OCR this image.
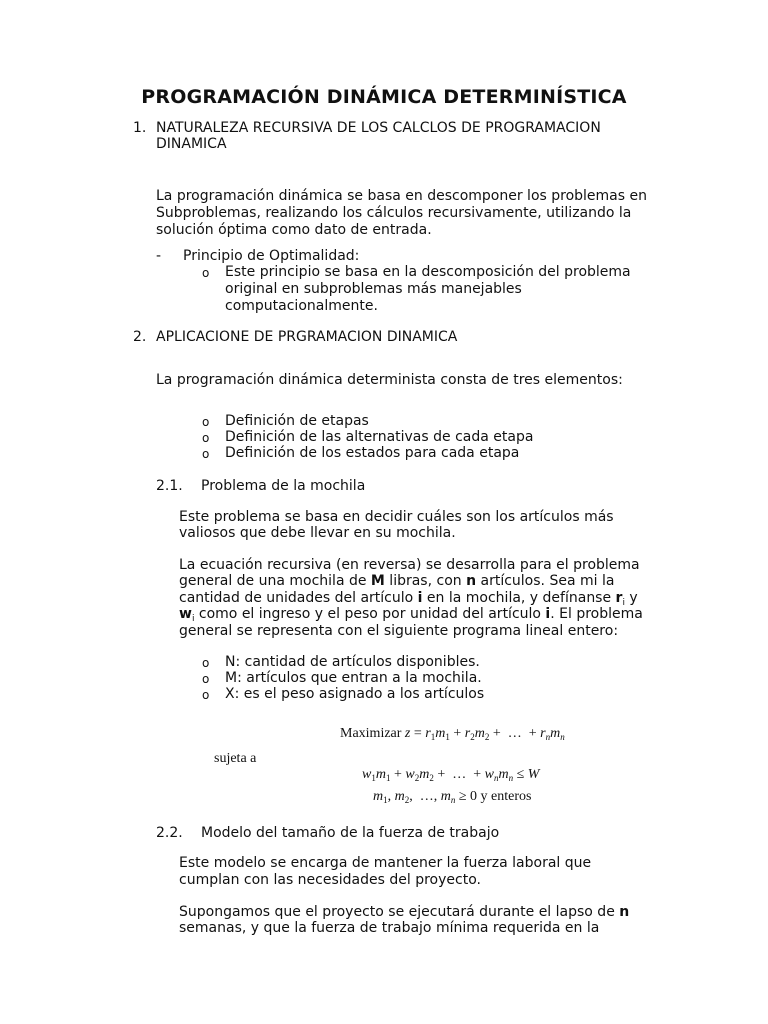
PROGRAMACIÓN DINÁMICA DETERMINÍSTICA
1. NATURALEZA RECURSIVA DE LOS CALCLOS DE PROGRAMACION
DINAMICA
La programación dinámica se basa en descomponer los problemas en
Subproblemas, realizando los cálculos recursivamente, utilizando la
solución óptima como dato de entrada.
- Principio de Optimalidad:
o Este principio se basa en la descomposición del problema
original en subproblemas más manejables
computacionalmente.
2. APLICACIONE DE PRGRAMACION DINAMICA
La programación dinámica determinista consta de tres elementos:
o Definición de etapas
o Definición de las alternativas de cada etapa
o Definición de los estados para cada etapa
2.1. Problema de la mochila
Este problema se basa en decidir cuáles son los artículos más
valiosos que debe llevar en su mochila.
La ecuación recursiva (en reversa) se desarrolla para el problema
general de una mochila de M libras, con n artículos. Sea mi la
cantidad de unidades del artículo i en la mochila, y defínanse $r_i$ y
$w_i$ como el ingreso y el peso por unidad del artículo i. El problema
general se representa con el siguiente programa lineal entero:
o N: cantidad de artículos disponibles.
o M: artículos que entran a la mochila.
o X: es el peso asignado a los artículos
Maximizar $z = r_1m_1 + r_2m_2$ +  …  + $r_nm_n$
sujeta a
$w_1m_1 + w_2m_2$ +  …  + $w_nm_n \le W$
$m_1$, $m_2$,  …, $m_n \ge 0$ y enteros
2.2. Modelo del tamaño de la fuerza de trabajo
Este modelo se encarga de mantener la fuerza laboral que
cumplan con las necesidades del proyecto.
Supongamos que el proyecto se ejecutará durante el lapso de n
semanas, y que la fuerza de trabajo mínima requerida en la
